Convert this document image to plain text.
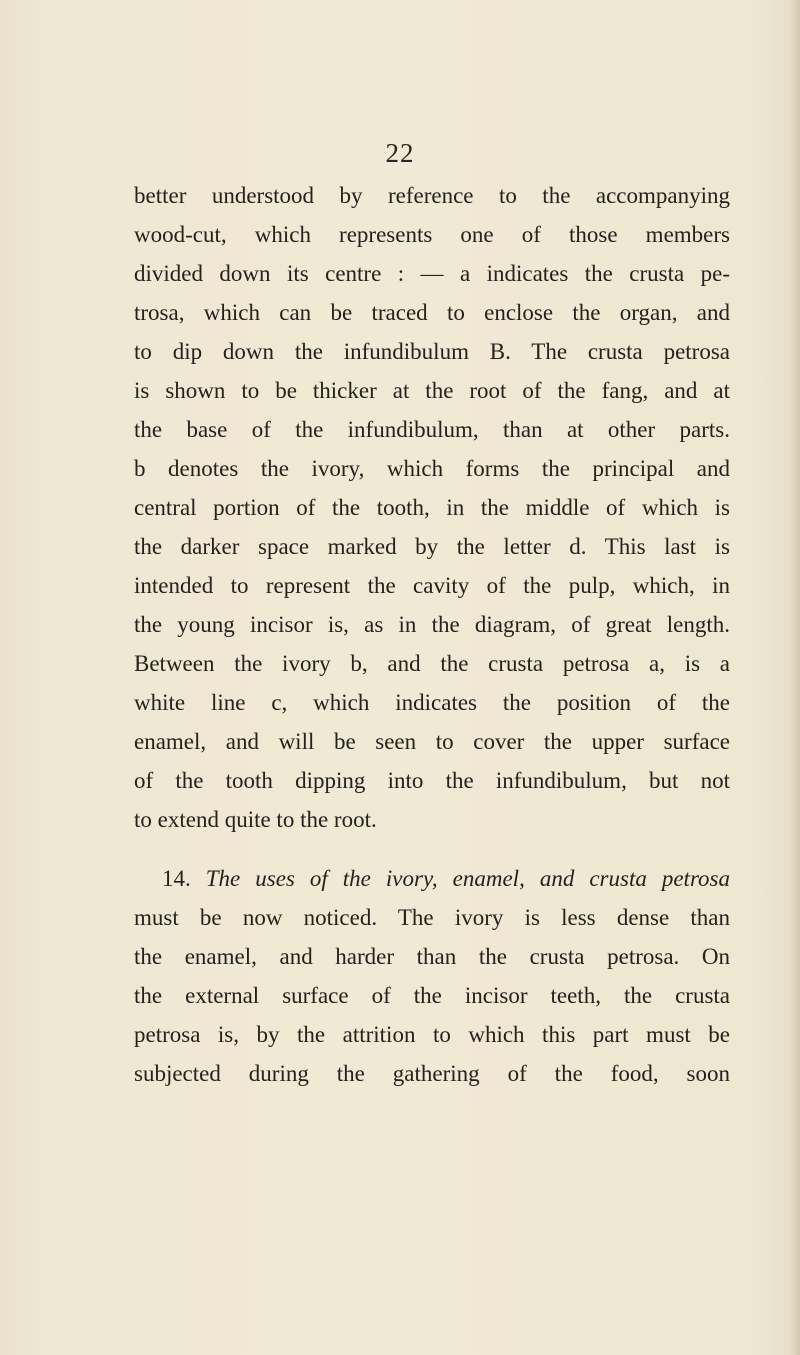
22

better understood by reference to the accompanying
wood-cut, which represents one of those members
divided down its centre : — a indicates the crusta pe-
trosa, which can be traced to enclose the organ, and
to dip down the infundibulum B. The crusta petrosa
is shown to be thicker at the root of the fang, and at
the base of the infundibulum, than at other parts.
b denotes the ivory, which forms the principal and
central portion of the tooth, in the middle of which is
the darker space marked by the letter d. This last is
intended to represent the cavity of the pulp, which, in
the young incisor is, as in the diagram, of great length.
Between the ivory b, and the crusta petrosa a, is a
white line c, which indicates the position of the
enamel, and will be seen to cover the upper surface
of the tooth dipping into the infundibulum, but not
to extend quite to the root.
14. The uses of the ivory, enamel, and crusta petrosa
must be now noticed. The ivory is less dense than
the enamel, and harder than the crusta petrosa. On
the external surface of the incisor teeth, the crusta
petrosa is, by the attrition to which this part must be
subjected during the gathering of the food, soon
